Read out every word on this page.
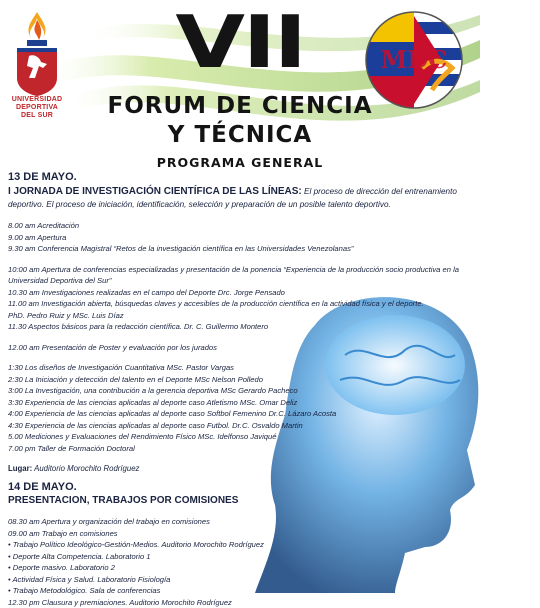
UNIVERSIDAD
DEPORTIVA
DEL SUR
MDC
VII
FORUM DE CIENCIA
Y TÉCNICA
PROGRAMA GENERAL
13 DE MAYO.
I JORNADA DE INVESTIGACIÓN CIENTÍFICA DE LAS LÍNEAS: El proceso de dirección del entrenamiento deportivo. El proceso de iniciación, identificación, selección y preparación de un posible talento deportivo.
8.00 am Acreditación
9.00 am Apertura
9.30 am Conferencia Magistral “Retos de la investigación científica en las Universidades Venezolanas”
10:00 am Apertura de conferencias especializadas y presentación de la ponencia “Experiencia de la producción socio productiva en la Universidad Deportiva del Sur”
10.30 am Investigaciones realizadas en el campo del Deporte Drc. Jorge Pensado
11.00 am Investigación abierta, búsquedas claves y accesibles de la producción científica en la actividad física y el deporte.
PhD. Pedro Ruiz y MSc. Luis Díaz
11.30 Aspectos básicos para la redacción científica. Dr. C. Guillermo Montero
12.00 am Presentación de Poster y evaluación por los jurados
1:30 Los diseños de Investigación Cuantitativa MSc. Pastor Vargas
2:30 La Iniciación y detección del talento en el Deporte MSc Nelson Polledo
3:00 La Investigación, una contribución a la gerencia deportiva MSc Gerardo Pacheco
3:30 Experiencia de las ciencias aplicadas al deporte caso Atletismo MSc. Omar Deliz
4:00 Experiencia de las ciencias aplicadas al deporte caso Softbol Femenino Dr.C. Lázaro Acosta
4:30 Experiencia de las ciencias aplicadas al deporte caso Futbol. Dr.C. Osvaldo Martin
5.00 Mediciones y Evaluaciones del Rendimiento Físico MSc. Idelfonso Javiqué
7.00 pm Taller de Formación Doctoral
Lugar: Auditorio Morochito Rodríguez
14 DE MAYO.
PRESENTACION, TRABAJOS POR COMISIONES
08.30 am Apertura y organización del trabajo en comisiones
09.00 am Trabajo en comisiones
• Trabajo Político Ideológico-Gestión-Medios. Auditorio Morochito Rodríguez
• Deporte Alta Competencia. Laboratorio 1
• Deporte masivo. Laboratorio 2
• Actividad Física y Salud. Laboratorio Fisiología
• Trabajo Metodológico. Sala de conferencias
12.30 pm Clausura y premiaciones. Auditorio Morochito Rodríguez
